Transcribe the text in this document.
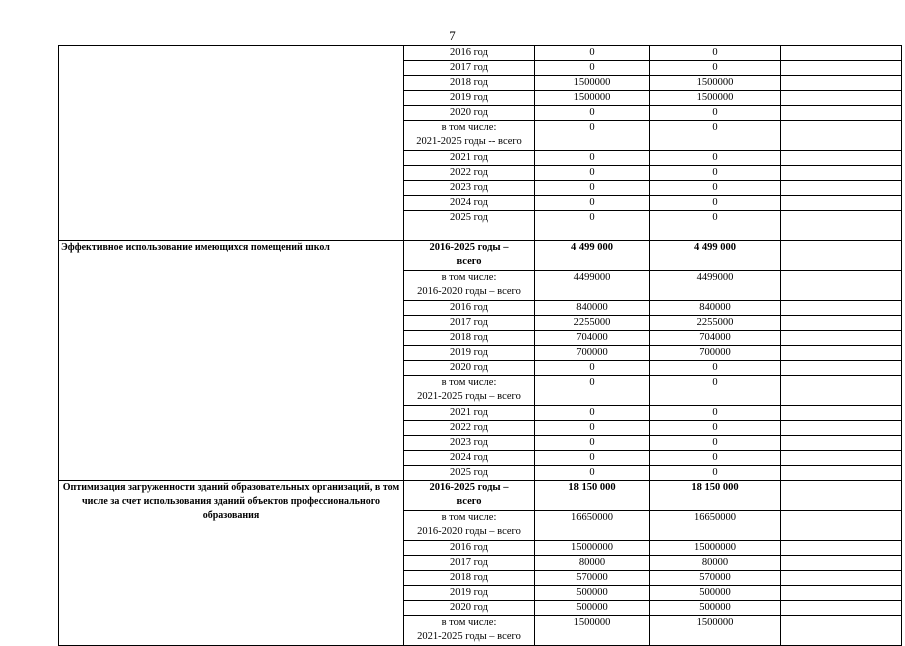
7

	2016 год	0	0	

	2017 год	0	0	

	2018 год	1500000	1500000	

	2019 год	1500000	1500000	

	2020 год	0	0	

	в том числе:
2021-2025 годы -- всего	0	0	

	2021 год	0	0	

	2022 год	0	0	

	2023 год	0	0	

	2024 год	0	0	

	2025 год	0	0	
Эффективное использование имеющихся помещений школ	2016-2025 годы –
всего	4 499 000	4 499 000	

	в том числе:
2016-2020 годы – всего	4499000	4499000	

	2016 год	840000	840000	

	2017 год	2255000	2255000	

	2018 год	704000	704000	

	2019 год	700000	700000	

	2020 год	0	0	

	в том числе:
2021-2025 годы – всего	0	0	

	2021 год	0	0	

	2022 год	0	0	

	2023 год	0	0	

	2024 год	0	0	

	2025 год	0	0	
Оптимизация загруженности зданий образовательных организаций, в том числе за счет использования зданий объектов профессионального образования	2016-2025 годы –
всего	18 150 000	18 150 000	

	в том числе:
2016-2020 годы – всего	16650000	16650000	

	2016 год	15000000	15000000	

	2017 год	80000	80000	

	2018 год	570000	570000	

	2019 год	500000	500000	

	2020 год	500000	500000	

	в том числе:
2021-2025 годы – всего	1500000	1500000	
